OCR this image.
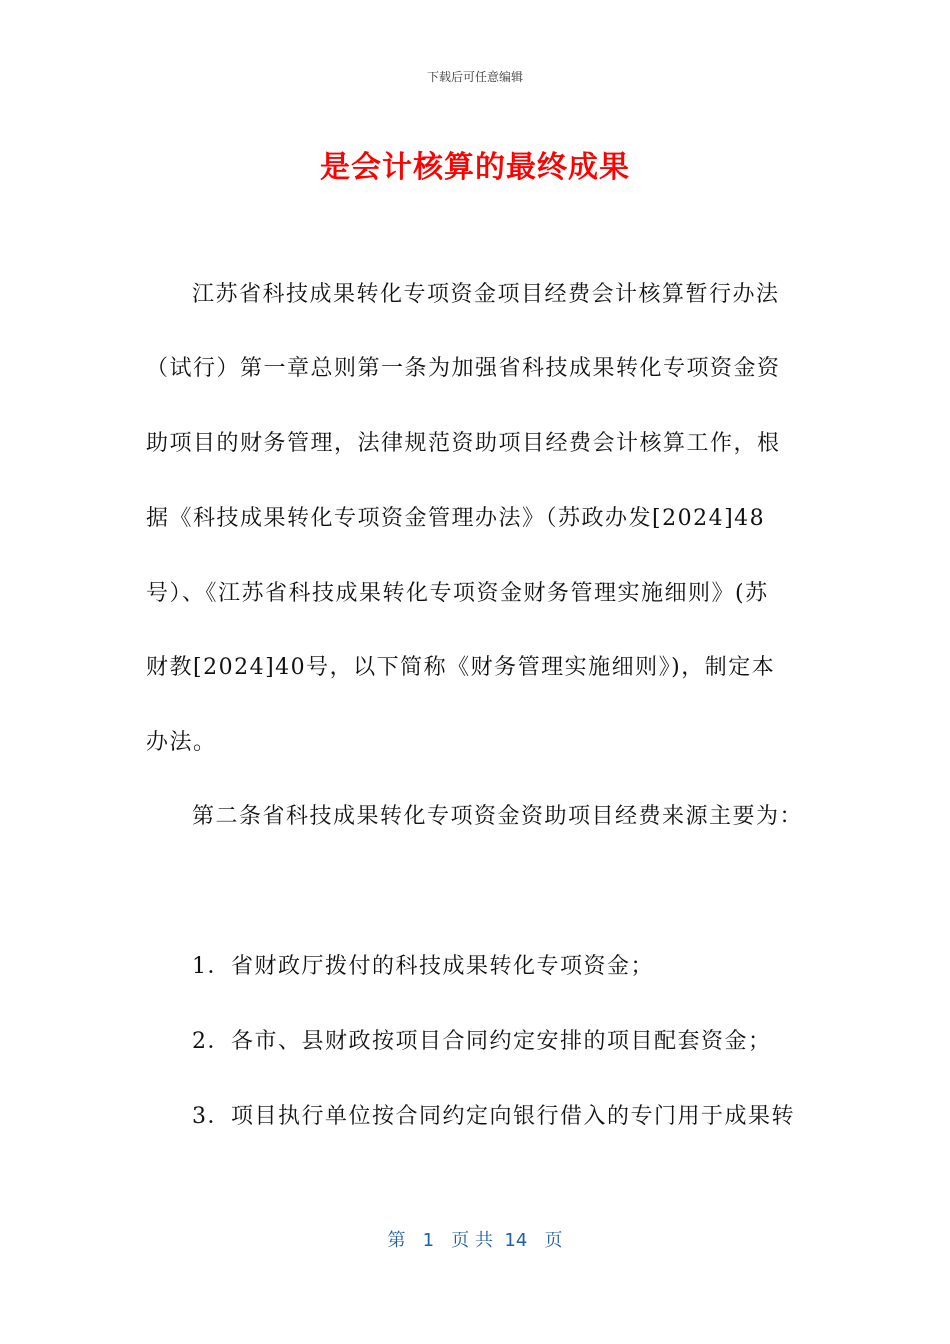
下载后可任意编辑
是会计核算的最终成果
江苏省科技成果转化专项资金项目经费会计核算暂行办法
（试行）第一章总则第一条为加强省科技成果转化专项资金资
助项目的财务管理，法律规范资助项目经费会计核算工作，根
据《科技成果转化专项资金管理办法》（苏政办发[2024]48
号）、《江苏省科技成果转化专项资金财务管理实施细则》(苏
财教[2024]40号，以下简称《财务管理实施细则》)，制定本
办法。
第二条省科技成果转化专项资金资助项目经费来源主要为：
1．省财政厅拨付的科技成果转化专项资金；
2．各市、县财政按项目合同约定安排的项目配套资金；
3．项目执行单位按合同约定向银行借入的专门用于成果转
第   1   页 共  14   页
